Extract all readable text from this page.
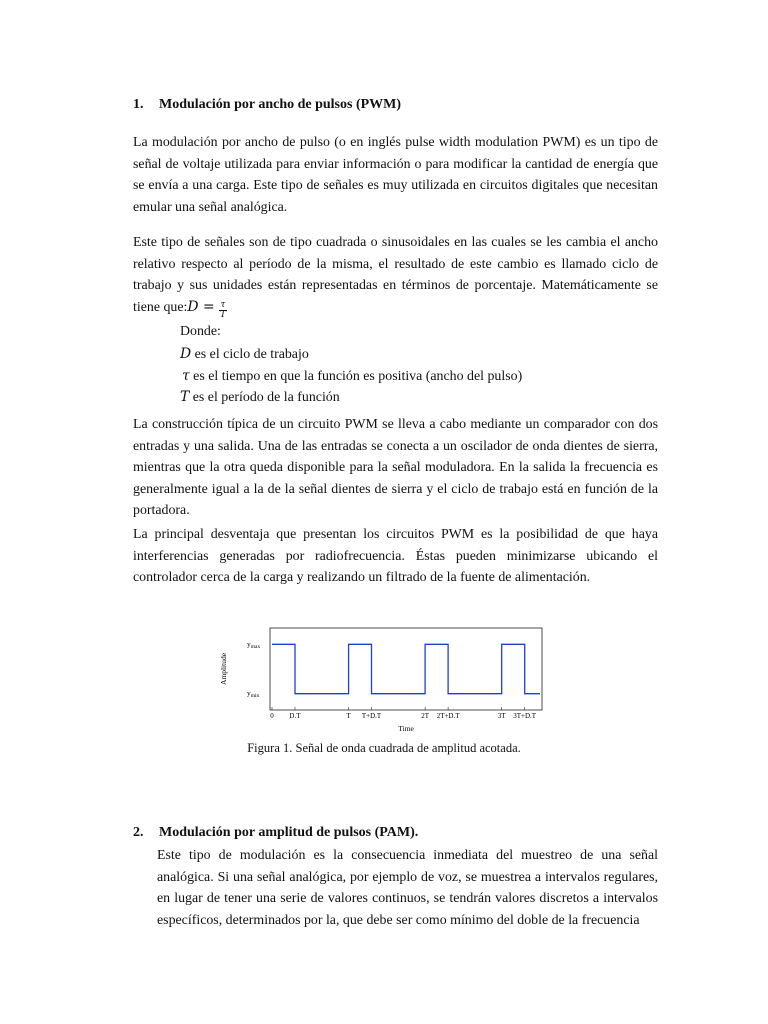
1. Modulación por ancho de pulsos (PWM)
La modulación por ancho de pulso (o en inglés pulse width modulation PWM) es un tipo de señal de voltaje utilizada para enviar información o para modificar la cantidad de energía que se envía a una carga. Este tipo de señales es muy utilizada en circuitos digitales que necesitan emular una señal analógica.
Este tipo de señales son de tipo cuadrada o sinusoidales en las cuales se les cambia el ancho relativo respecto al período de la misma, el resultado de este cambio es llamado ciclo de trabajo y sus unidades están representadas en términos de porcentaje. Matemáticamente se tiene que:D = $\frac{\tau}{T}$
Donde:
D es el ciclo de trabajo
τ es el tiempo en que la función es positiva (ancho del pulso)
T es el período de la función
La construcción típica de un circuito PWM se lleva a cabo mediante un comparador con dos entradas y una salida. Una de las entradas se conecta a un oscilador de onda dientes de sierra, mientras que la otra queda disponible para la señal moduladora. En la salida la frecuencia es generalmente igual a la de la señal dientes de sierra y el ciclo de trabajo está en función de la portadora.
La principal desventaja que presentan los circuitos PWM es la posibilidad de que haya interferencias generadas por radiofrecuencia. Éstas pueden minimizarse ubicando el controlador cerca de la carga y realizando un filtrado de la fuente de alimentación.
Amplitude
Time
$y_{max}$
$y_{min}$
0 D.T	T T+D.T	2T 2T+D.T	3T 3T+D.T
Figura 1. Señal de onda cuadrada de amplitud acotada.
2. Modulación por amplitud de pulsos (PAM).
Este tipo de modulación es la consecuencia inmediata del muestreo de una señal analógica. Si una señal analógica, por ejemplo de voz, se muestrea a intervalos regulares, en lugar de tener una serie de valores continuos, se tendrán valores discretos a intervalos específicos, determinados por la, que debe ser como mínimo del doble de la frecuencia
